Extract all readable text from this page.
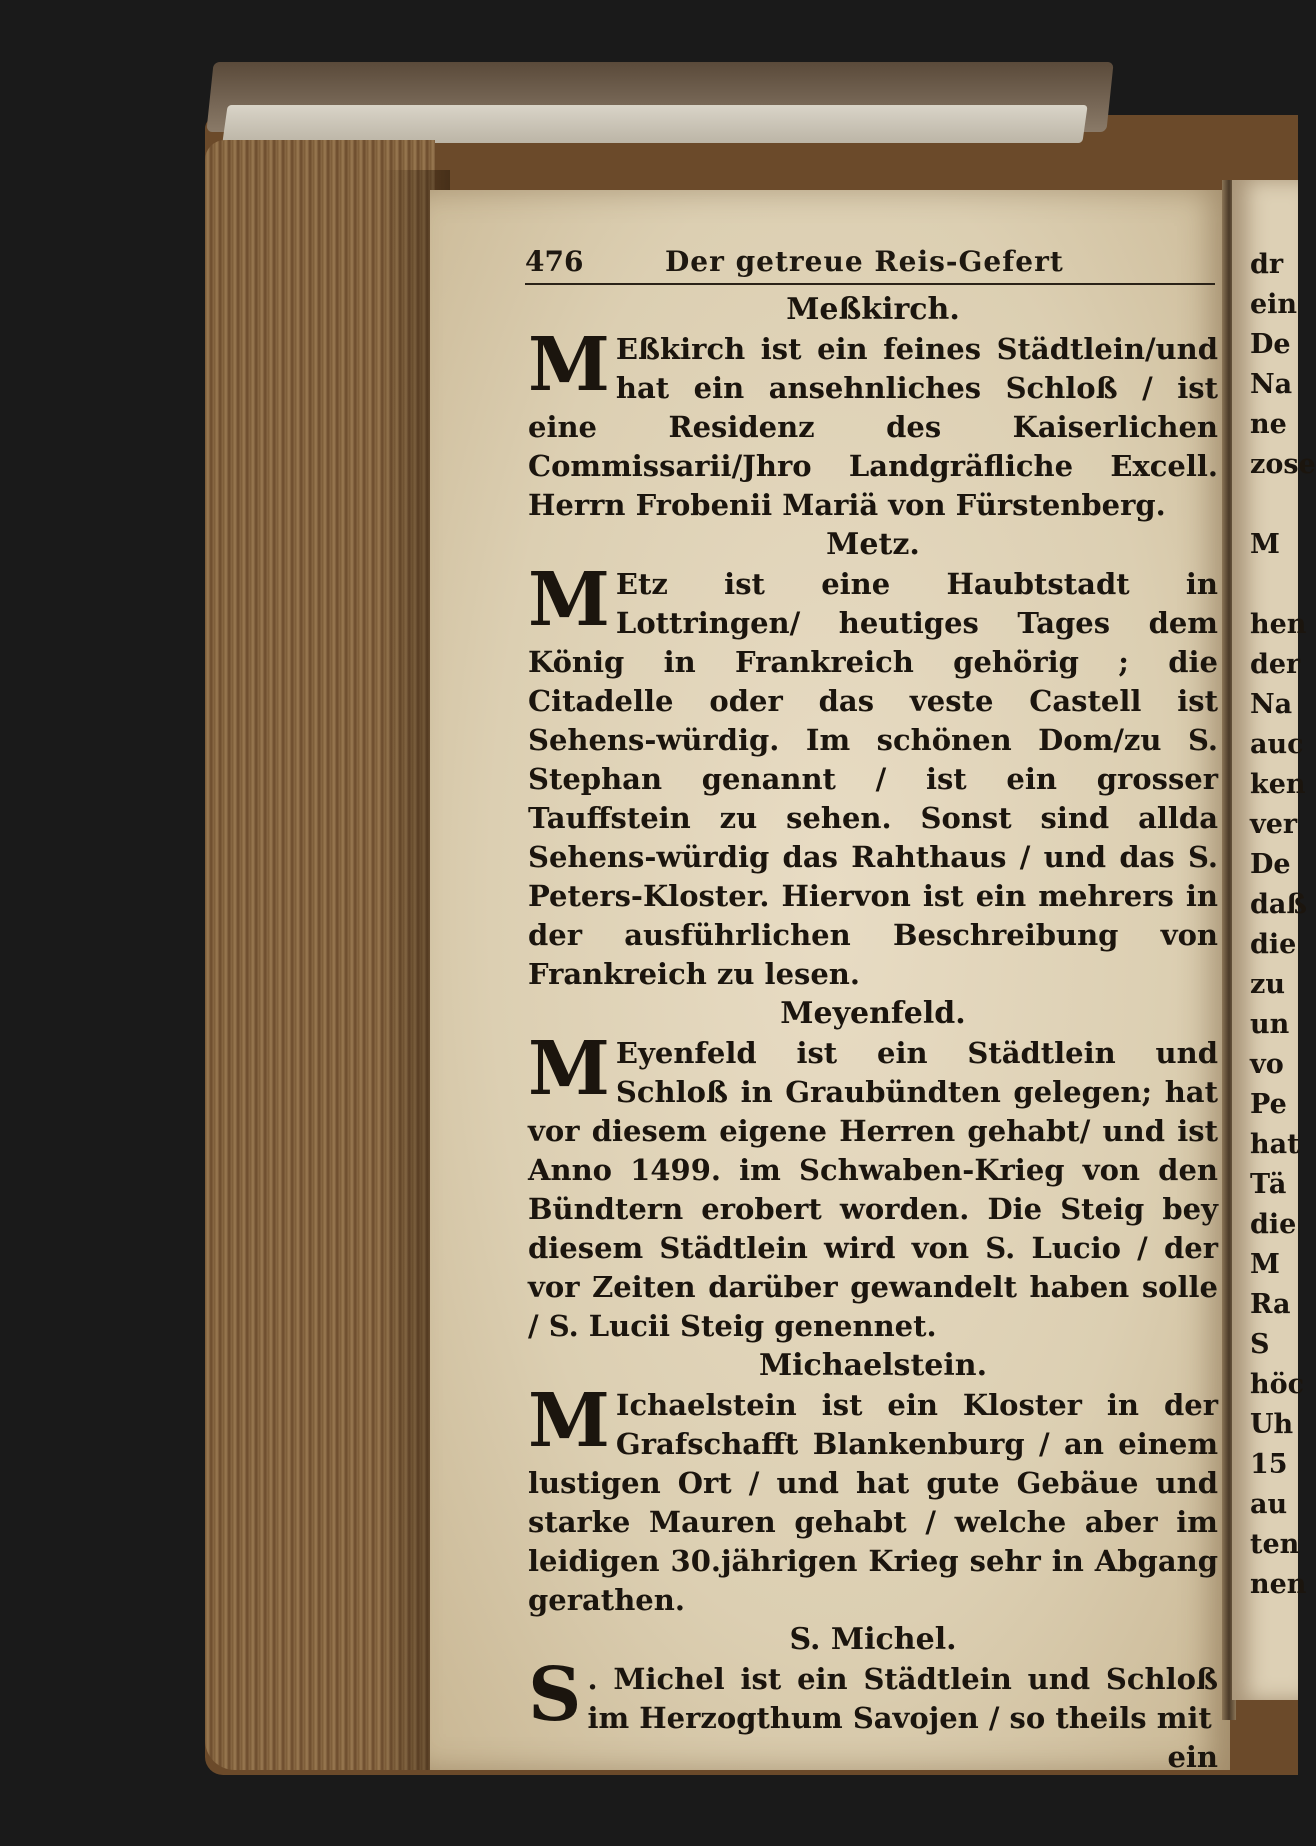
476	Der getreue Reis-Gefert

Meßkirch.

M Eßkirch ist ein feines Städtlein/und hat ein ansehnliches Schloß / ist eine Residenz des Kaiserlichen Commissarii/Jhro Landgräfliche Excell. Herrn Frobenii Mariä von Fürstenberg.

Metz.

M Etz ist eine Haubtstadt in Lottringen/ heutiges Tages dem König in Frankreich gehörig ; die Citadelle oder das veste Castell ist Sehens-würdig. Im schönen Dom/zu S. Stephan genannt / ist ein grosser Tauffstein zu sehen. Sonst sind allda Sehens-würdig das Rahthaus / und das S. Peters-Kloster. Hiervon ist ein mehrers in der ausführlichen Beschreibung von Frankreich zu lesen.

Meyenfeld.

M Eyenfeld ist ein Städtlein und Schloß in Graubündten gelegen; hat vor diesem eigene Herren gehabt/ und ist Anno 1499. im Schwaben-Krieg von den Bündtern erobert worden. Die Steig bey diesem Städtlein wird von S. Lucio / der vor Zeiten darüber gewandelt haben solle / S. Lucii Steig genennet.

Michaelstein.

M Ichaelstein ist ein Kloster in der Grafschafft Blankenburg / an einem lustigen Ort / und hat gute Gebäue und starke Mauren gehabt / welche aber im leidigen 30.jährigen Krieg sehr in Abgang gerathen.

S. Michel.

S . Michel ist ein Städtlein und Schloß im Herzogthum Savojen / so theils mit

ein

dr
ein
De
Na
ne
zose

M

hen
der
Na
auc
ken
ver
De
daß
die
zu
un
vo
Pe
hat
Tä
die
M
Ra
S
höc
Uh
15
au
ten
nen
